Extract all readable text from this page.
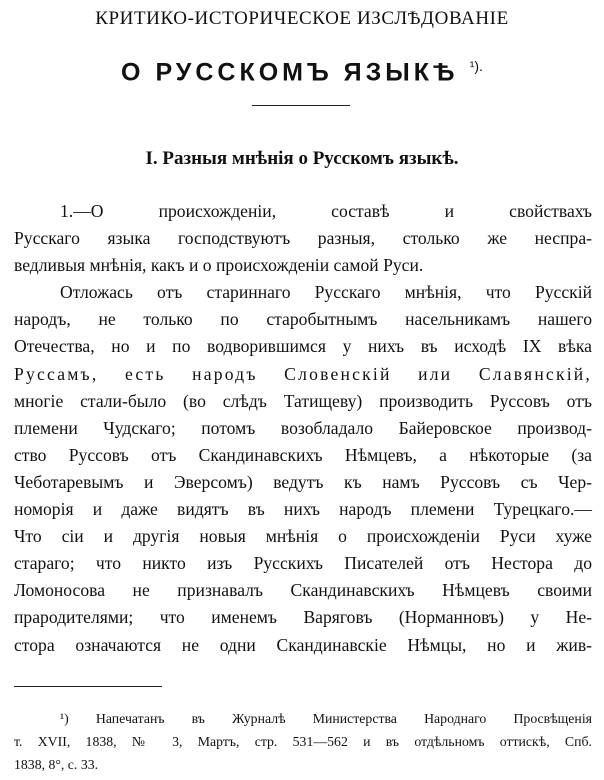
КРИТИКО-ИСТОРИЧЕСКОЕ ИЗСЛѢДОВАНІЕ
О РУССКОМЪ ЯЗЫКѢ $^{^1).}$
I. Разныя мнѣнія о Русскомъ языкѣ.
1.—О происхожденіи, составѣ и свойствахъ
Русскаго языка господствуютъ разныя, столько же неспра-
ведливыя мнѣнія, какъ и о происхожденіи самой Руси.
Отложась отъ стариннаго Русскаго мнѣнія, что Русскій
народъ, не только по старобытнымъ насельникамъ нашего
Отечества, но и по водворившимся у нихъ въ исходѣ IX вѣка
Руссамъ, есть народъ Словенскій или Славянскій,
многіе стали-было (во слѣдъ Татищеву) производить Руссовъ отъ
племени Чудскаго; потомъ возобладало Байеровское производ-
ство Руссовъ отъ Скандинавскихъ Нѣмцевъ, а нѣкоторые (за
Чеботаревымъ и Эверсомъ) ведутъ къ намъ Руссовъ съ Чер-
номорія и даже видятъ въ нихъ народъ племени Турецкаго.—
Что сіи и другія новыя мнѣнія о происхожденіи Руси хуже
стараго; что никто изъ Русскихъ Писателей отъ Нестора до
Ломоносова не признавалъ Скандинавскихъ Нѣмцевъ своими
прародителями; что именемъ Варяговъ (Норманновъ) у Не-
стора означаются не одни Скандинавскіе Нѣмцы, но и жив-
¹) Напечатанъ въ Журналѣ Министерства Народнаго Просвѣщенія
т. XVII, 1838, № 3, Мартъ, стр. 531—562 и въ отдѣльномъ оттискѣ, Спб.
1838, 8°, с. 33.
